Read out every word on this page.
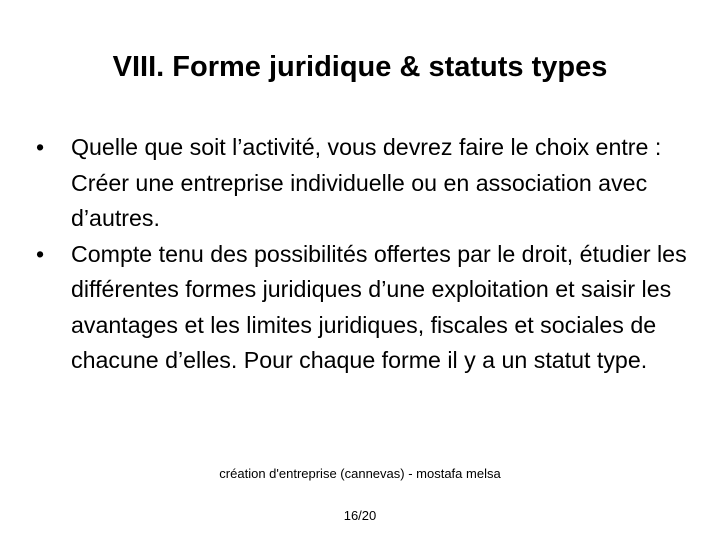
VIII. Forme juridique & statuts types
•	Quelle que soit l’activité, vous devrez faire le choix entre : Créer une entreprise individuelle ou en association avec d’autres.
•	Compte tenu des possibilités offertes par le droit, étudier les différentes formes juridiques d’une exploitation et saisir les avantages et les limites juridiques, fiscales et sociales de chacune d’elles. Pour chaque forme il y a un statut type.
création d'entreprise (cannevas) - mostafa melsa
16/20
